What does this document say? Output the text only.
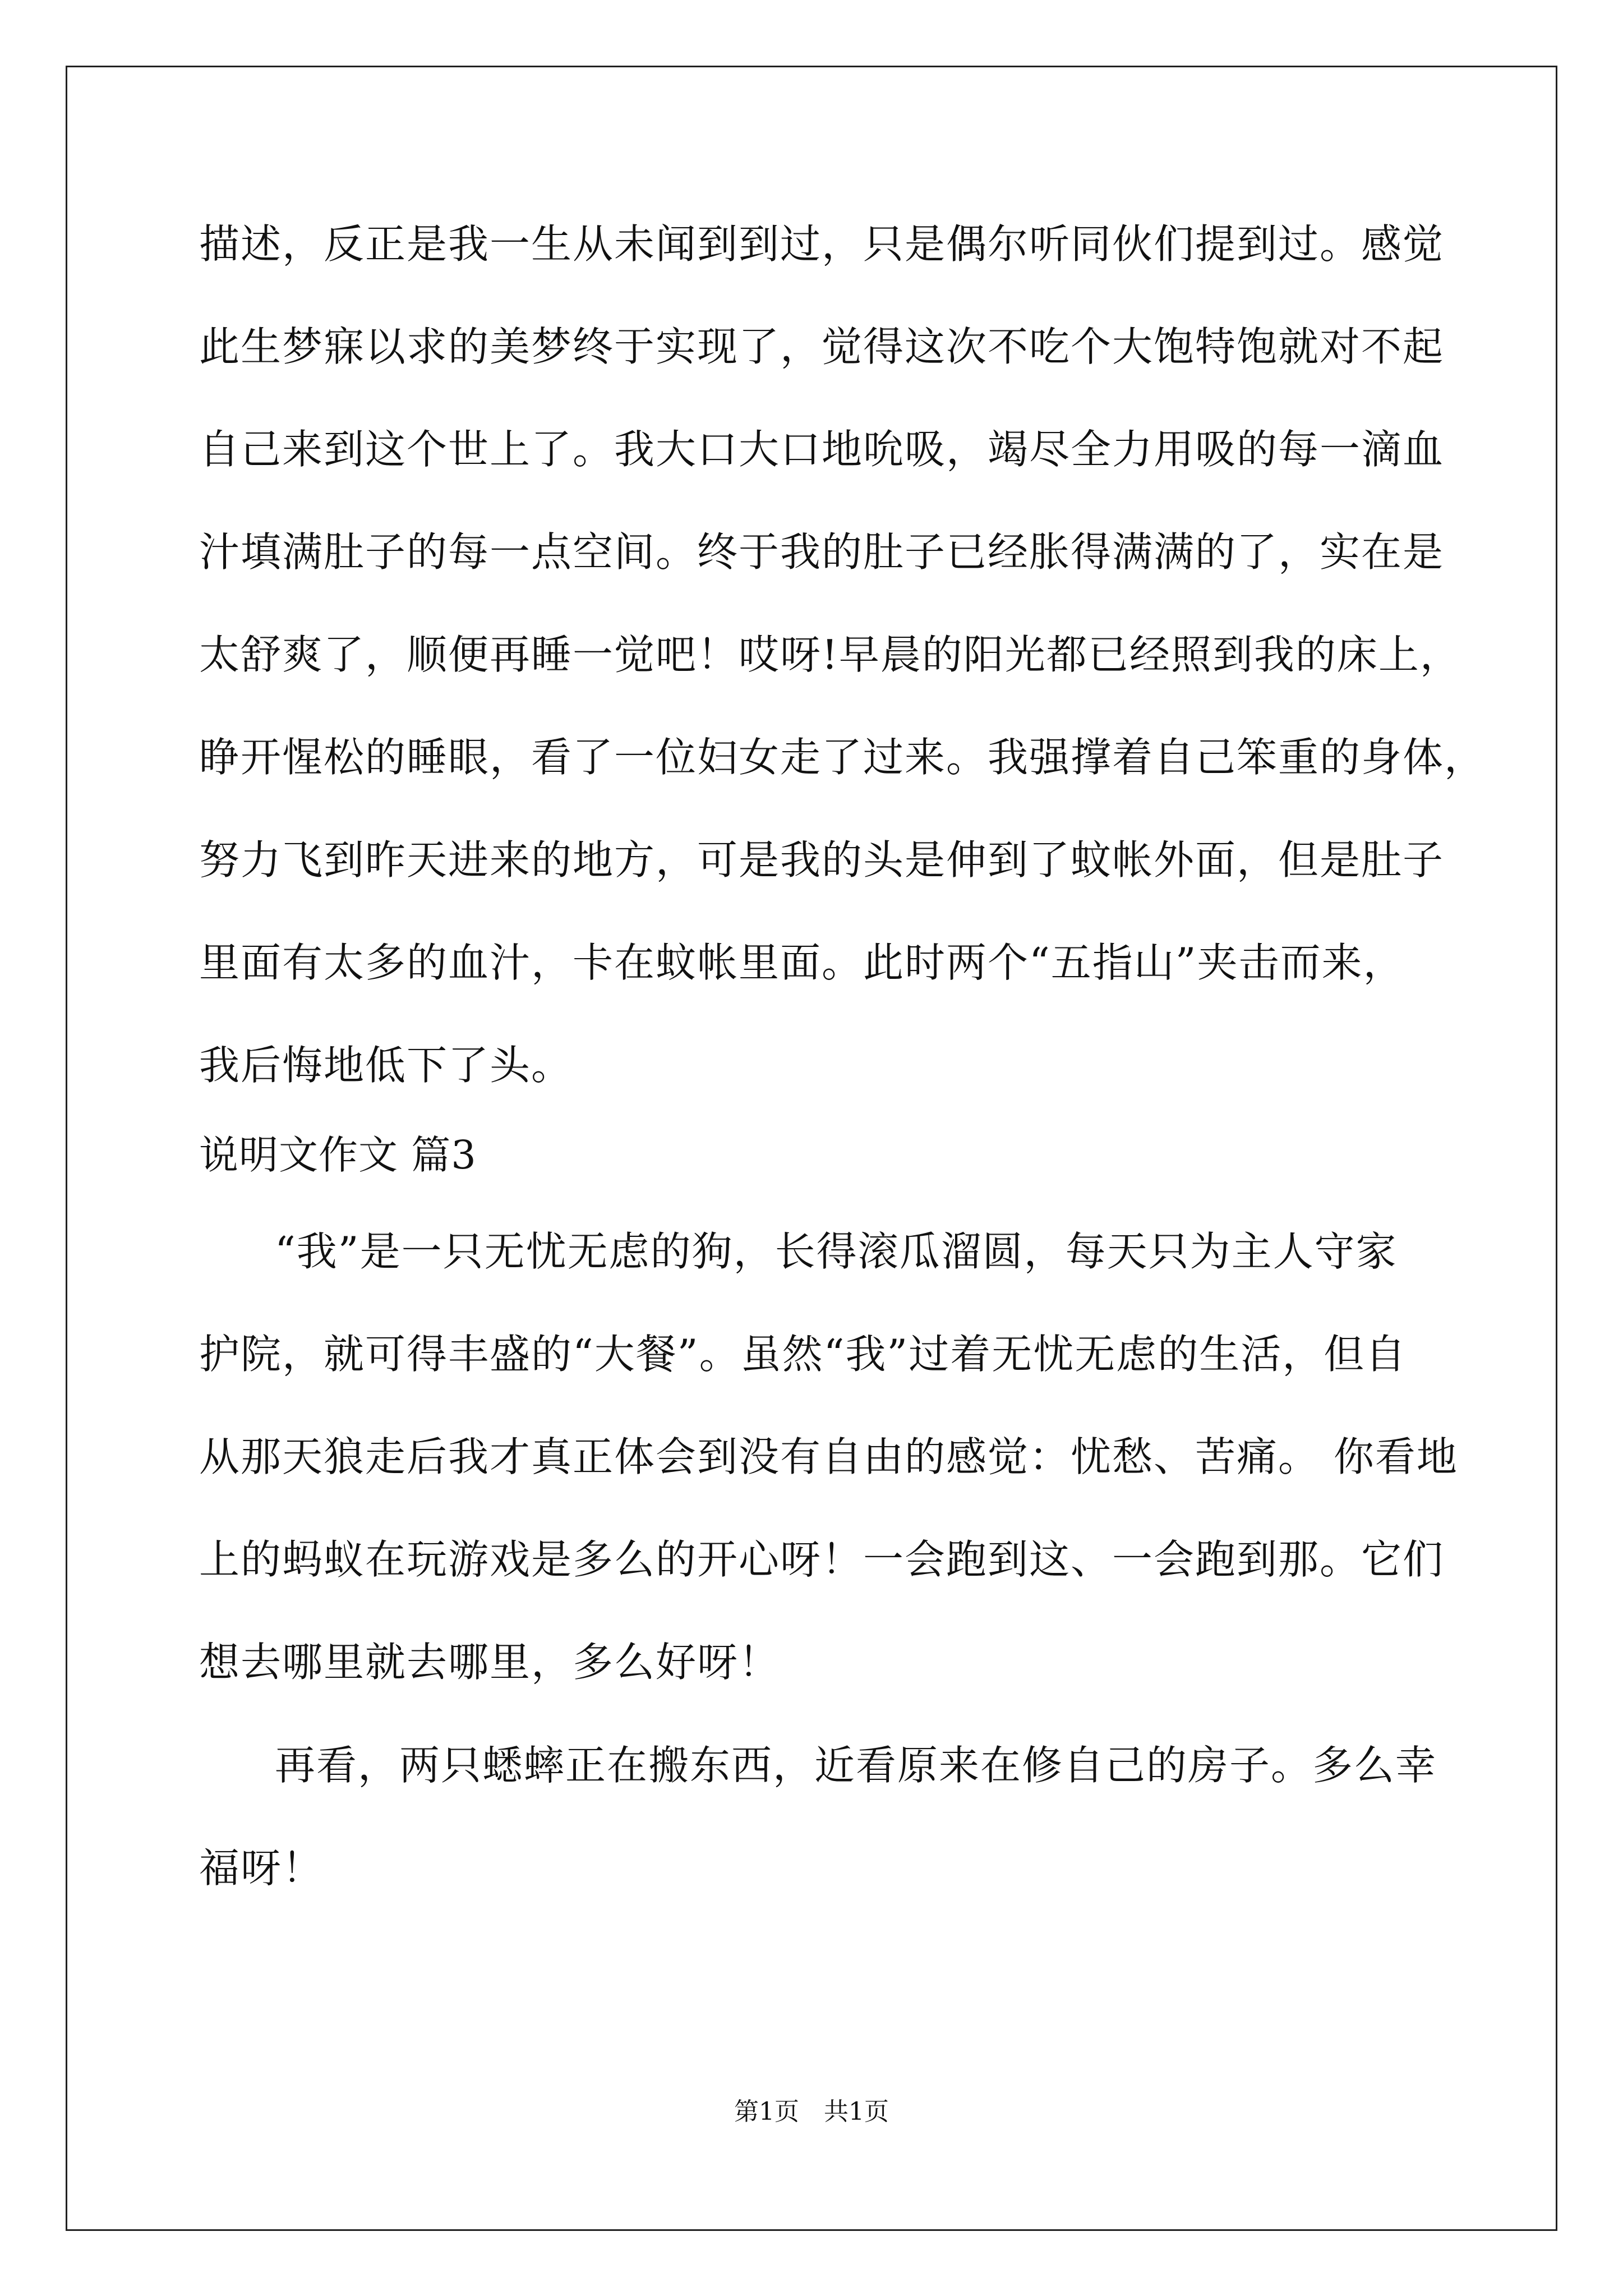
描述，反正是我一生从未闻到到过，只是偶尔听同伙们提到过。感觉
此生梦寐以求的美梦终于实现了，觉得这次不吃个大饱特饱就对不起
自己来到这个世上了。我大口大口地吮吸，竭尽全力用吸的每一滴血
汁填满肚子的每一点空间。终于我的肚子已经胀得满满的了，实在是
太舒爽了，顺便再睡一觉吧！哎呀!早晨的阳光都已经照到我的床上，
睁开惺松的睡眼，看了一位妇女走了过来。我强撑着自己笨重的身体，
努力飞到昨天进来的地方，可是我的头是伸到了蚊帐外面，但是肚子
里面有太多的血汁，卡在蚊帐里面。此时两个“五指山”夹击而来，
我后悔地低下了头。
说明文作文 篇3
“我”是一只无忧无虑的狗，长得滚瓜溜圆，每天只为主人守家
护院，就可得丰盛的“大餐”。虽然“我”过着无忧无虑的生活，但自
从那天狼走后我才真正体会到没有自由的感觉：忧愁、苦痛。 你看地
上的蚂蚁在玩游戏是多么的开心呀！一会跑到这、一会跑到那。它们
想去哪里就去哪里，多么好呀！
再看，两只蟋蟀正在搬东西，近看原来在修自己的房子。多么幸
福呀！
第1页　共1页
